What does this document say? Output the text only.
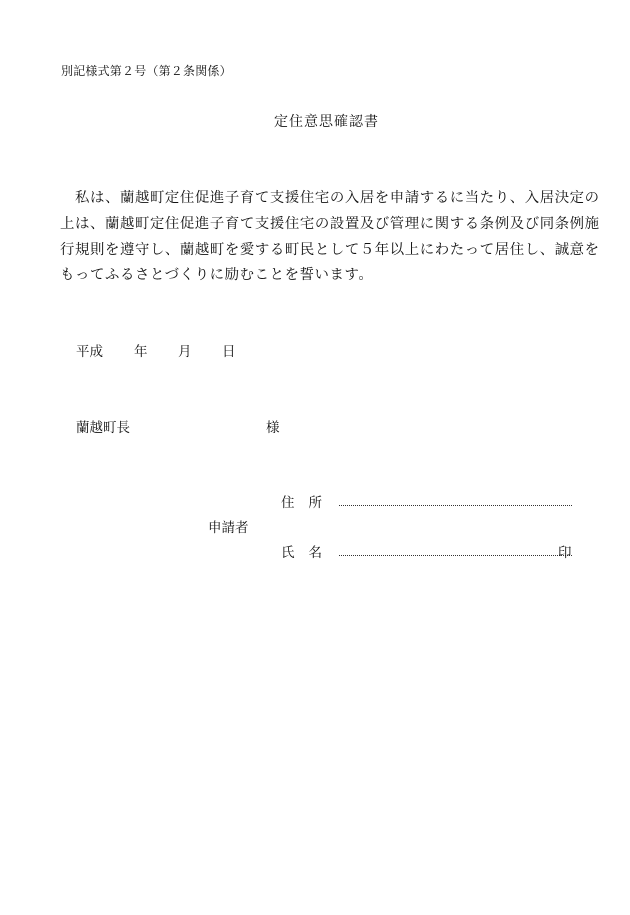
別記様式第２号（第２条関係）
定住意思確認書
　私は、蘭越町定住促進子育て支援住宅の入居を申請するに当たり、入居決定の
上は、蘭越町定住促進子育て支援住宅の設置及び管理に関する条例及び同条例施
行規則を遵守し、蘭越町を愛する町民として５年以上にわたって居住し、誠意を
もってふるさとづくりに励むことを誓います。
平成 年 月 日
蘭越町長	様
住所
申請者
氏名	印
